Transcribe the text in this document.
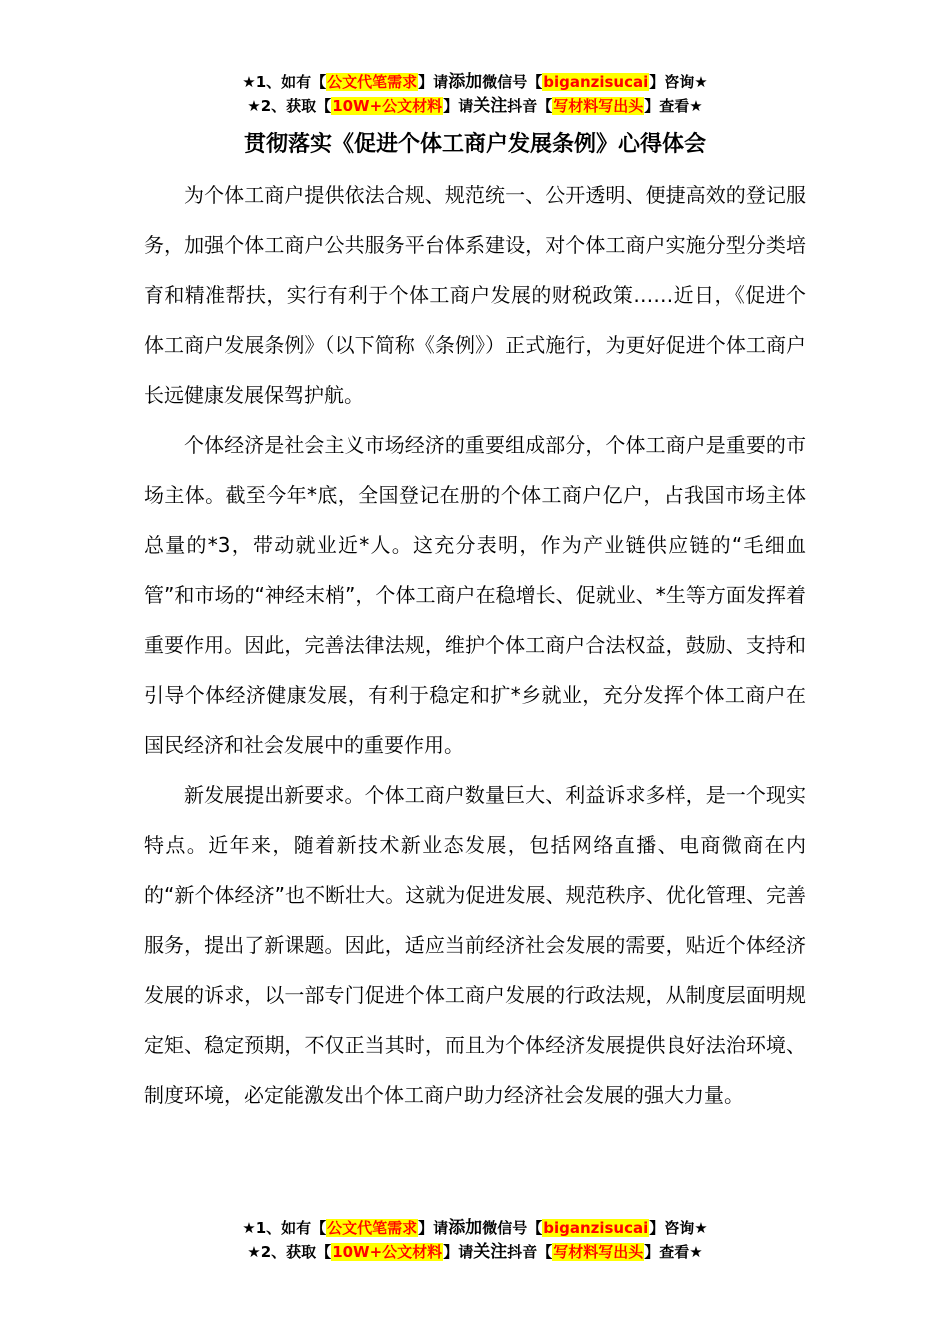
★1、如有【公文代笔需求】请添加微信号【biganzisucai】咨询★
★2、获取【10W+公文材料】请关注抖音【写材料写出头】查看★
贯彻落实《促进个体工商户发展条例》心得体会

为个体工商户提供依法合规、规范统一、公开透明、便捷高效的登记服务，加强个体工商户公共服务平台体系建设，对个体工商户实施分型分类培育和精准帮扶，实行有利于个体工商户发展的财税政策……近日，《促进个体工商户发展条例》（以下简称《条例》）正式施行，为更好促进个体工商户长远健康发展保驾护航。

个体经济是社会主义市场经济的重要组成部分，个体工商户是重要的市场主体。截至今年*底，全国登记在册的个体工商户亿户，占我国市场主体总量的*3，带动就业近*人。这充分表明，作为产业链供应链的“毛细血管”和市场的“神经末梢”，个体工商户在稳增长、促就业、*生等方面发挥着重要作用。因此，完善法律法规，维护个体工商户合法权益，鼓励、支持和引导个体经济健康发展，有利于稳定和扩*乡就业，充分发挥个体工商户在国民经济和社会发展中的重要作用。

新发展提出新要求。个体工商户数量巨大、利益诉求多样，是一个现实特点。近年来，随着新技术新业态发展，包括网络直播、电商微商在内的“新个体经济”也不断壮大。这就为促进发展、规范秩序、优化管理、完善服务，提出了新课题。因此，适应当前经济社会发展的需要，贴近个体经济发展的诉求，以一部专门促进个体工商户发展的行政法规，从制度层面明规定矩、稳定预期，不仅正当其时，而且为个体经济发展提供良好法治环境、制度环境，必定能激发出个体工商户助力经济社会发展的强大力量。

★1、如有【公文代笔需求】请添加微信号【biganzisucai】咨询★
★2、获取【10W+公文材料】请关注抖音【写材料写出头】查看★
